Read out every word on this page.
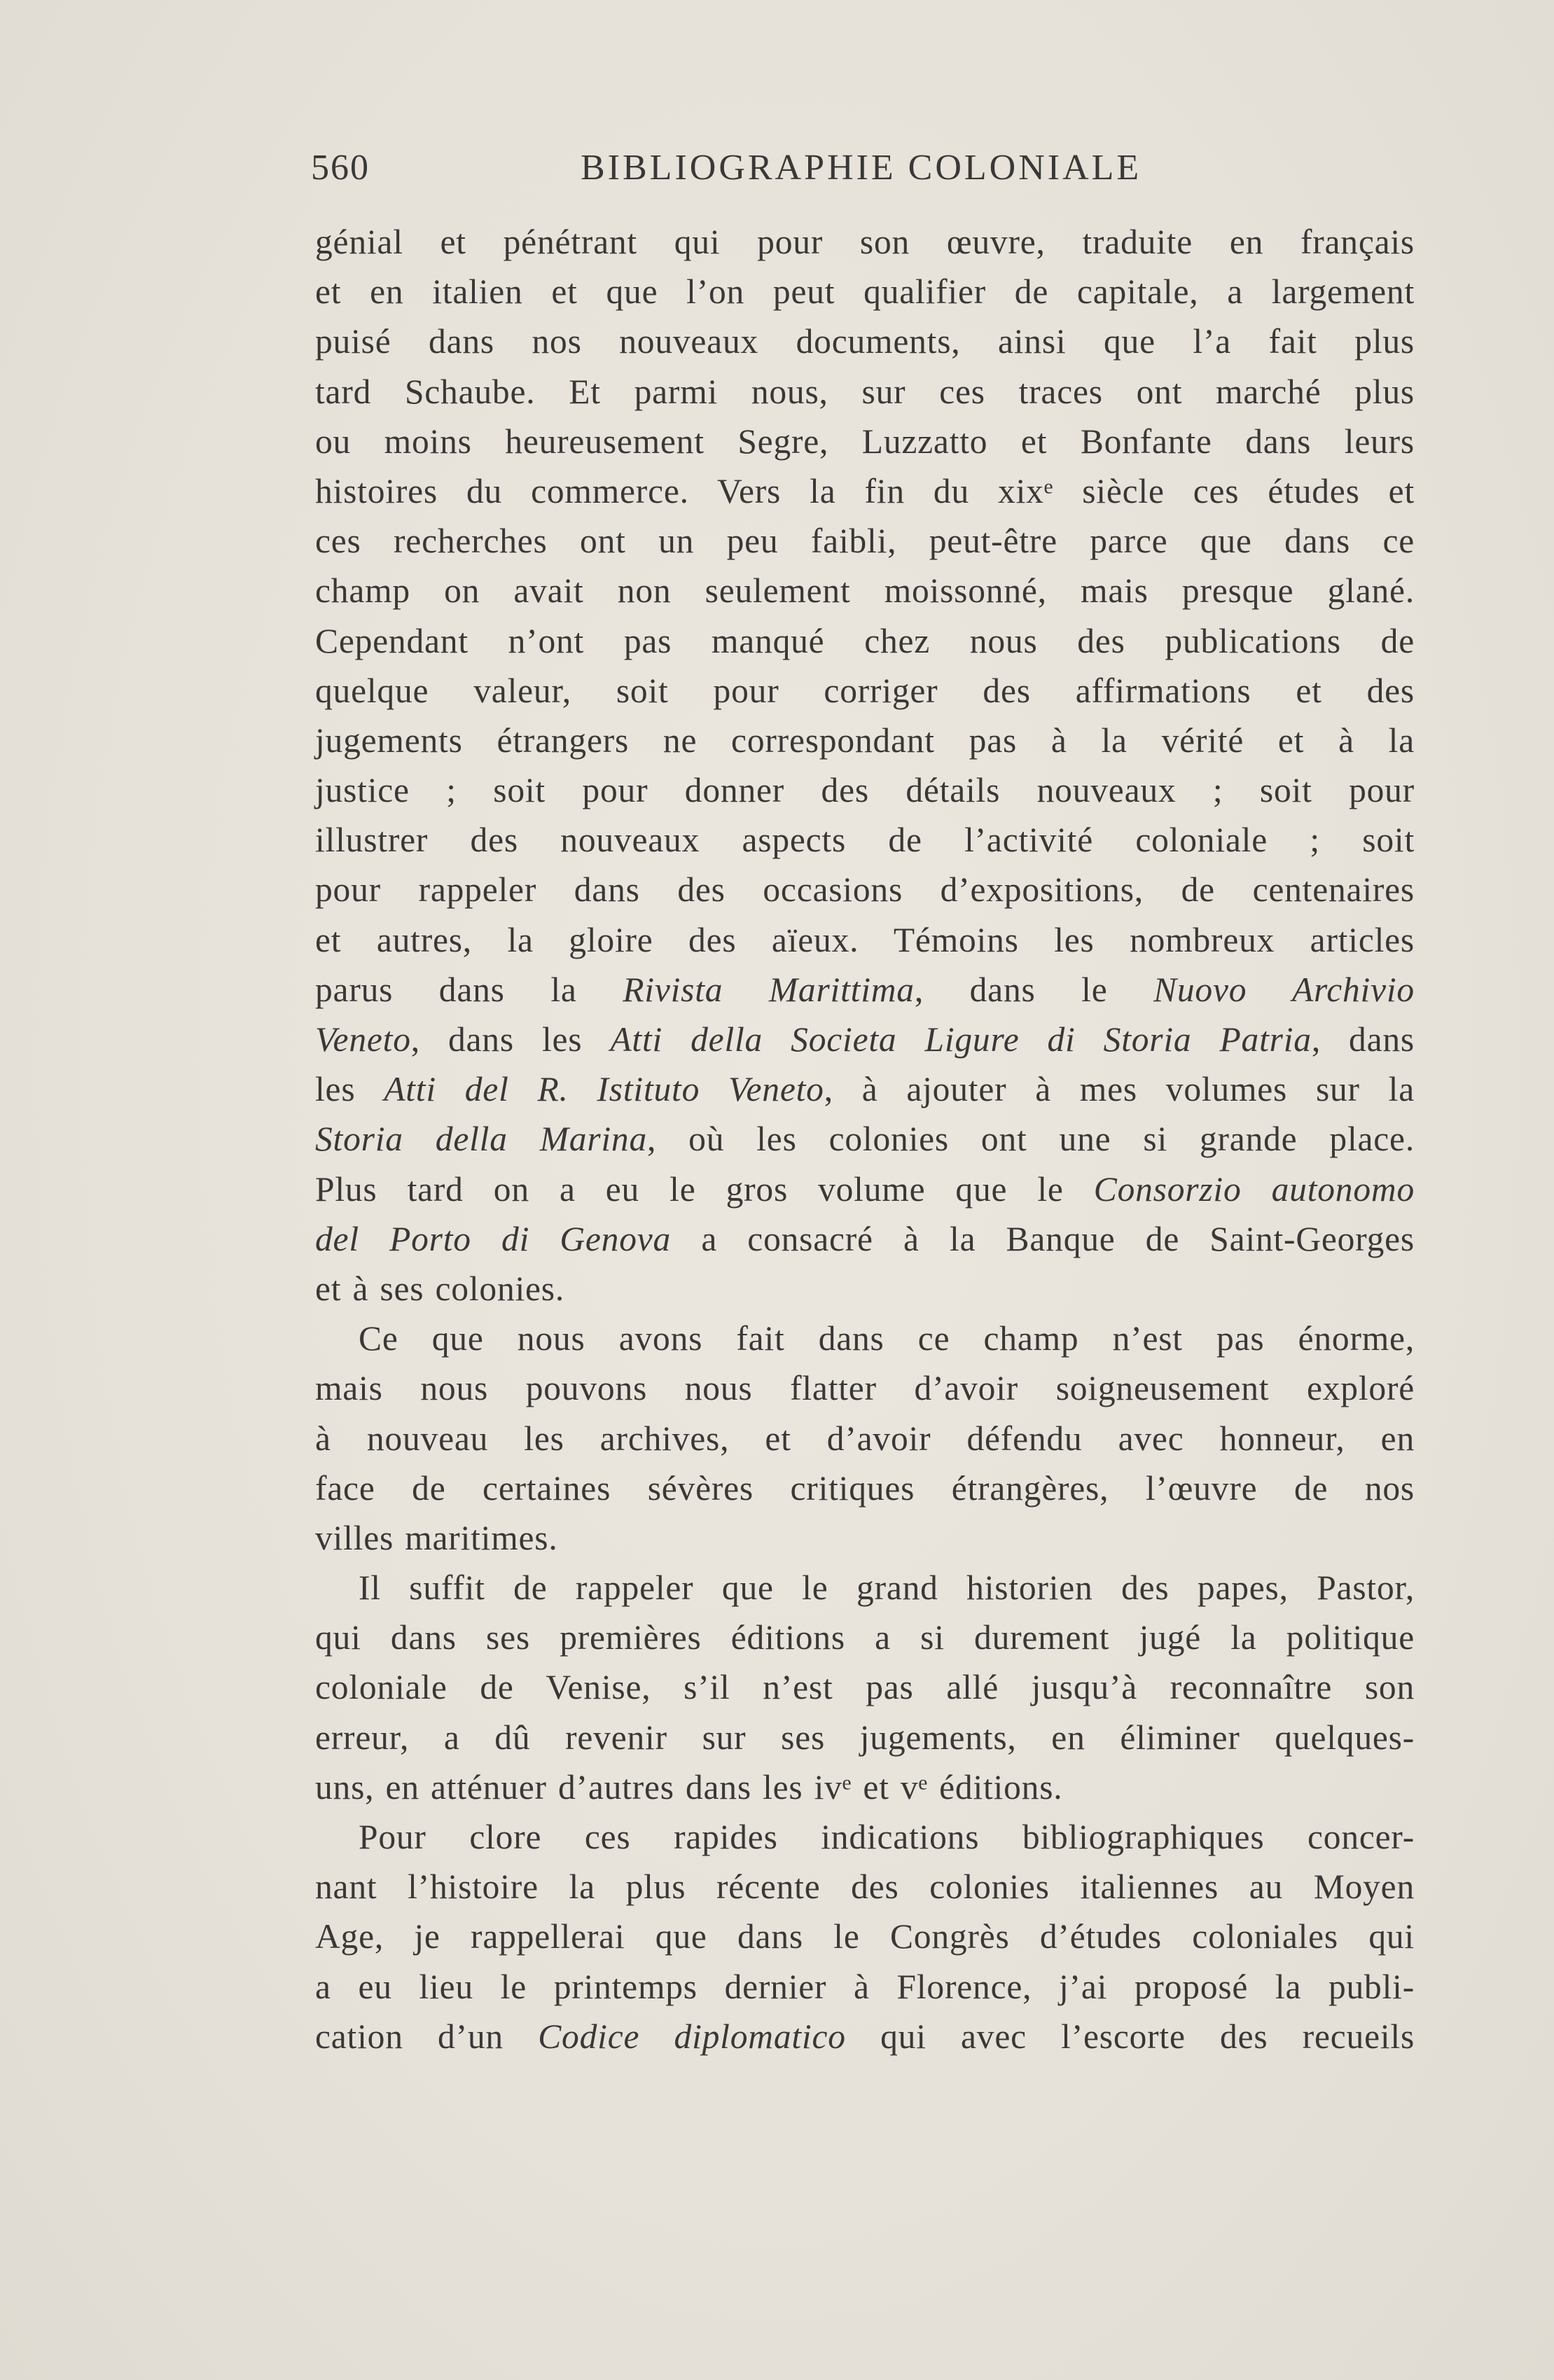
560	BIBLIOGRAPHIE COLONIALE
génial et pénétrant qui pour son œuvre, traduite en français
et en italien et que l’on peut qualifier de capitale, a largement
puisé dans nos nouveaux documents, ainsi que l’a fait plus
tard Schaube. Et parmi nous, sur ces traces ont marché plus
ou moins heureusement Segre, Luzzatto et Bonfante dans leurs
histoires du commerce. Vers la fin du xixᵉ siècle ces études et
ces recherches ont un peu faibli, peut-être parce que dans ce
champ on avait non seulement moissonné, mais presque glané.
Cependant n’ont pas manqué chez nous des publications de
quelque valeur, soit pour corriger des affirmations et des
jugements étrangers ne correspondant pas à la vérité et à la
justice ; soit pour donner des détails nouveaux ; soit pour
illustrer des nouveaux aspects de l’activité coloniale ; soit
pour rappeler dans des occasions d’expositions, de centenaires
et autres, la gloire des aïeux. Témoins les nombreux articles
parus dans la Rivista Marittima, dans le Nuovo Archivio
Veneto, dans les Atti della Societa Ligure di Storia Patria, dans
les Atti del R. Istituto Veneto, à ajouter à mes volumes sur la
Storia della Marina, où les colonies ont une si grande place.
Plus tard on a eu le gros volume que le Consorzio autonomo
del Porto di Genova a consacré à la Banque de Saint-Georges
et à ses colonies.
Ce que nous avons fait dans ce champ n’est pas énorme,
mais nous pouvons nous flatter d’avoir soigneusement exploré
à nouveau les archives, et d’avoir défendu avec honneur, en
face de certaines sévères critiques étrangères, l’œuvre de nos
villes maritimes.
Il suffit de rappeler que le grand historien des papes, Pastor,
qui dans ses premières éditions a si durement jugé la politique
coloniale de Venise, s’il n’est pas allé jusqu’à reconnaître son
erreur, a dû revenir sur ses jugements, en éliminer quelques-
uns, en atténuer d’autres dans les ivᵉ et vᵉ éditions.
Pour clore ces rapides indications bibliographiques concer-
nant l’histoire la plus récente des colonies italiennes au Moyen
Age, je rappellerai que dans le Congrès d’études coloniales qui
a eu lieu le printemps dernier à Florence, j’ai proposé la publi-
cation d’un Codice diplomatico qui avec l’escorte des recueils
